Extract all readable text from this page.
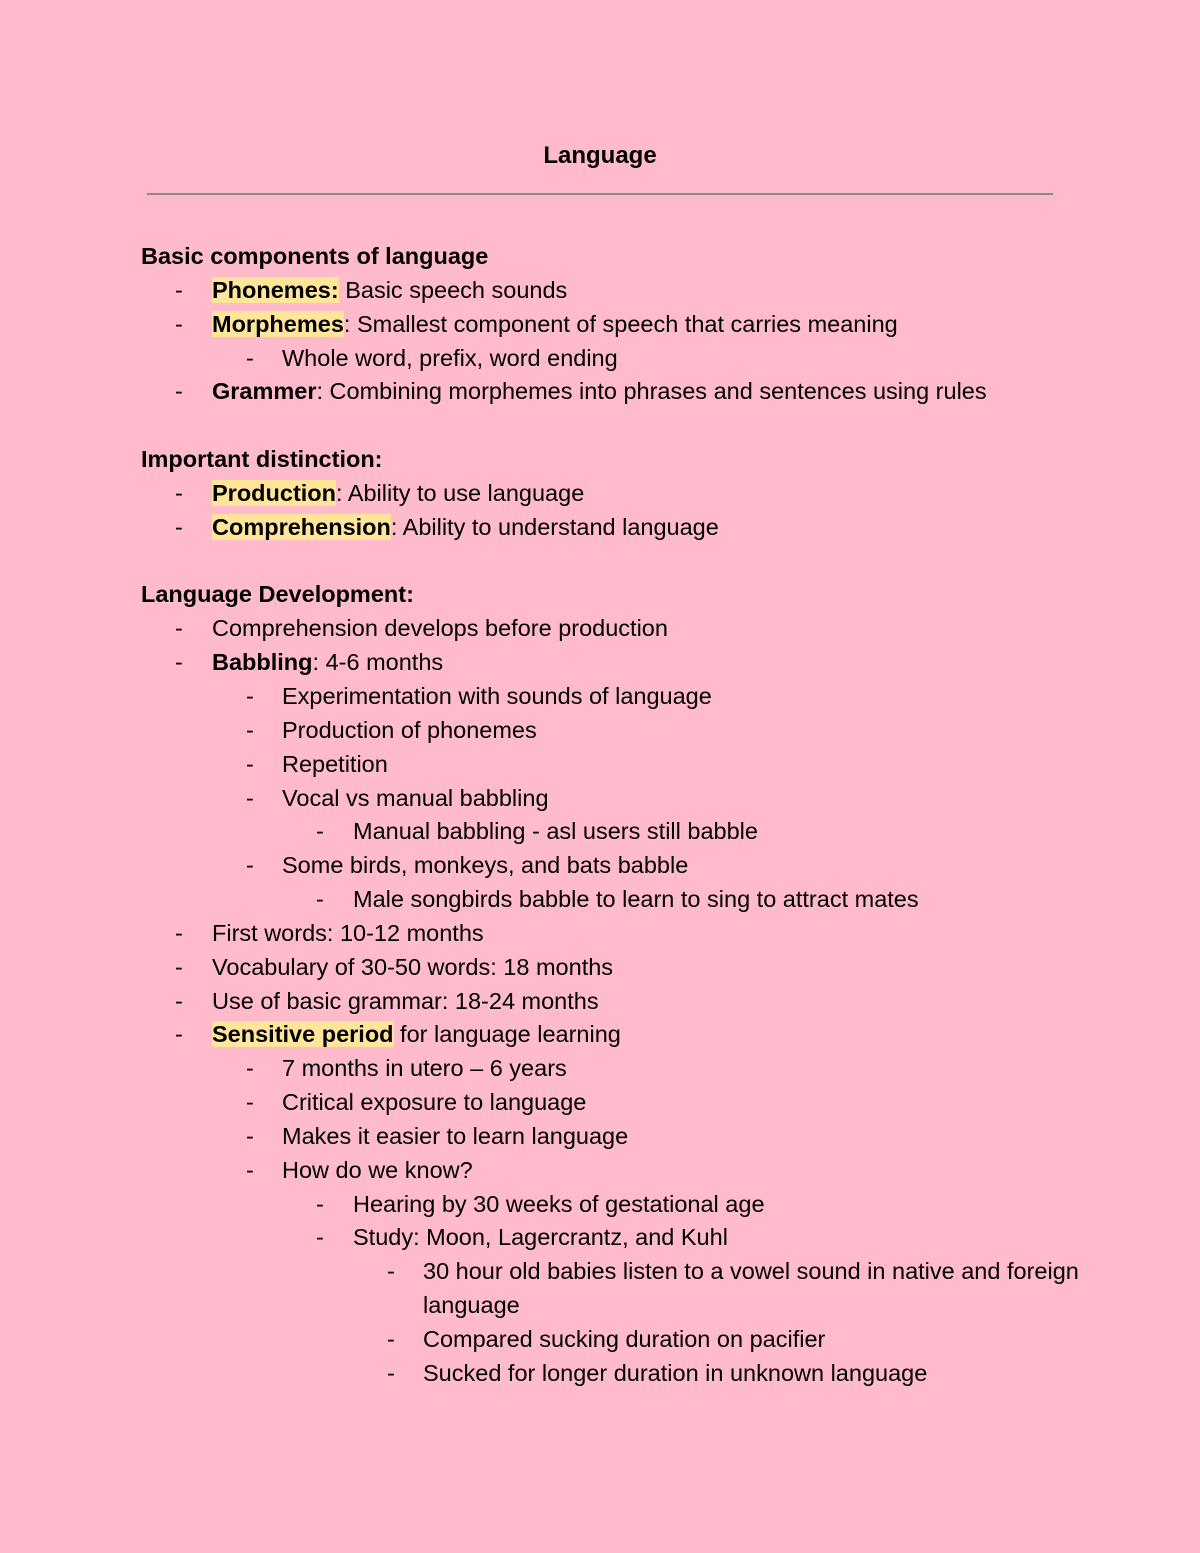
Language
Basic components of language
- Phonemes: Basic speech sounds
- Morphemes: Smallest component of speech that carries meaning
- Whole word, prefix, word ending
- Grammer: Combining morphemes into phrases and sentences using rules
Important distinction:
- Production: Ability to use language
- Comprehension: Ability to understand language
Language Development:
- Comprehension develops before production
- Babbling: 4-6 months
- Experimentation with sounds of language
- Production of phonemes
- Repetition
- Vocal vs manual babbling
- Manual babbling - asl users still babble
- Some birds, monkeys, and bats babble
- Male songbirds babble to learn to sing to attract mates
- First words: 10-12 months
- Vocabulary of 30-50 words: 18 months
- Use of basic grammar: 18-24 months
- Sensitive period for language learning
- 7 months in utero – 6 years
- Critical exposure to language
- Makes it easier to learn language
- How do we know?
- Hearing by 30 weeks of gestational age
- Study: Moon, Lagercrantz, and Kuhl
- 30 hour old babies listen to a vowel sound in native and foreign language
- Compared sucking duration on pacifier
- Sucked for longer duration in unknown language
